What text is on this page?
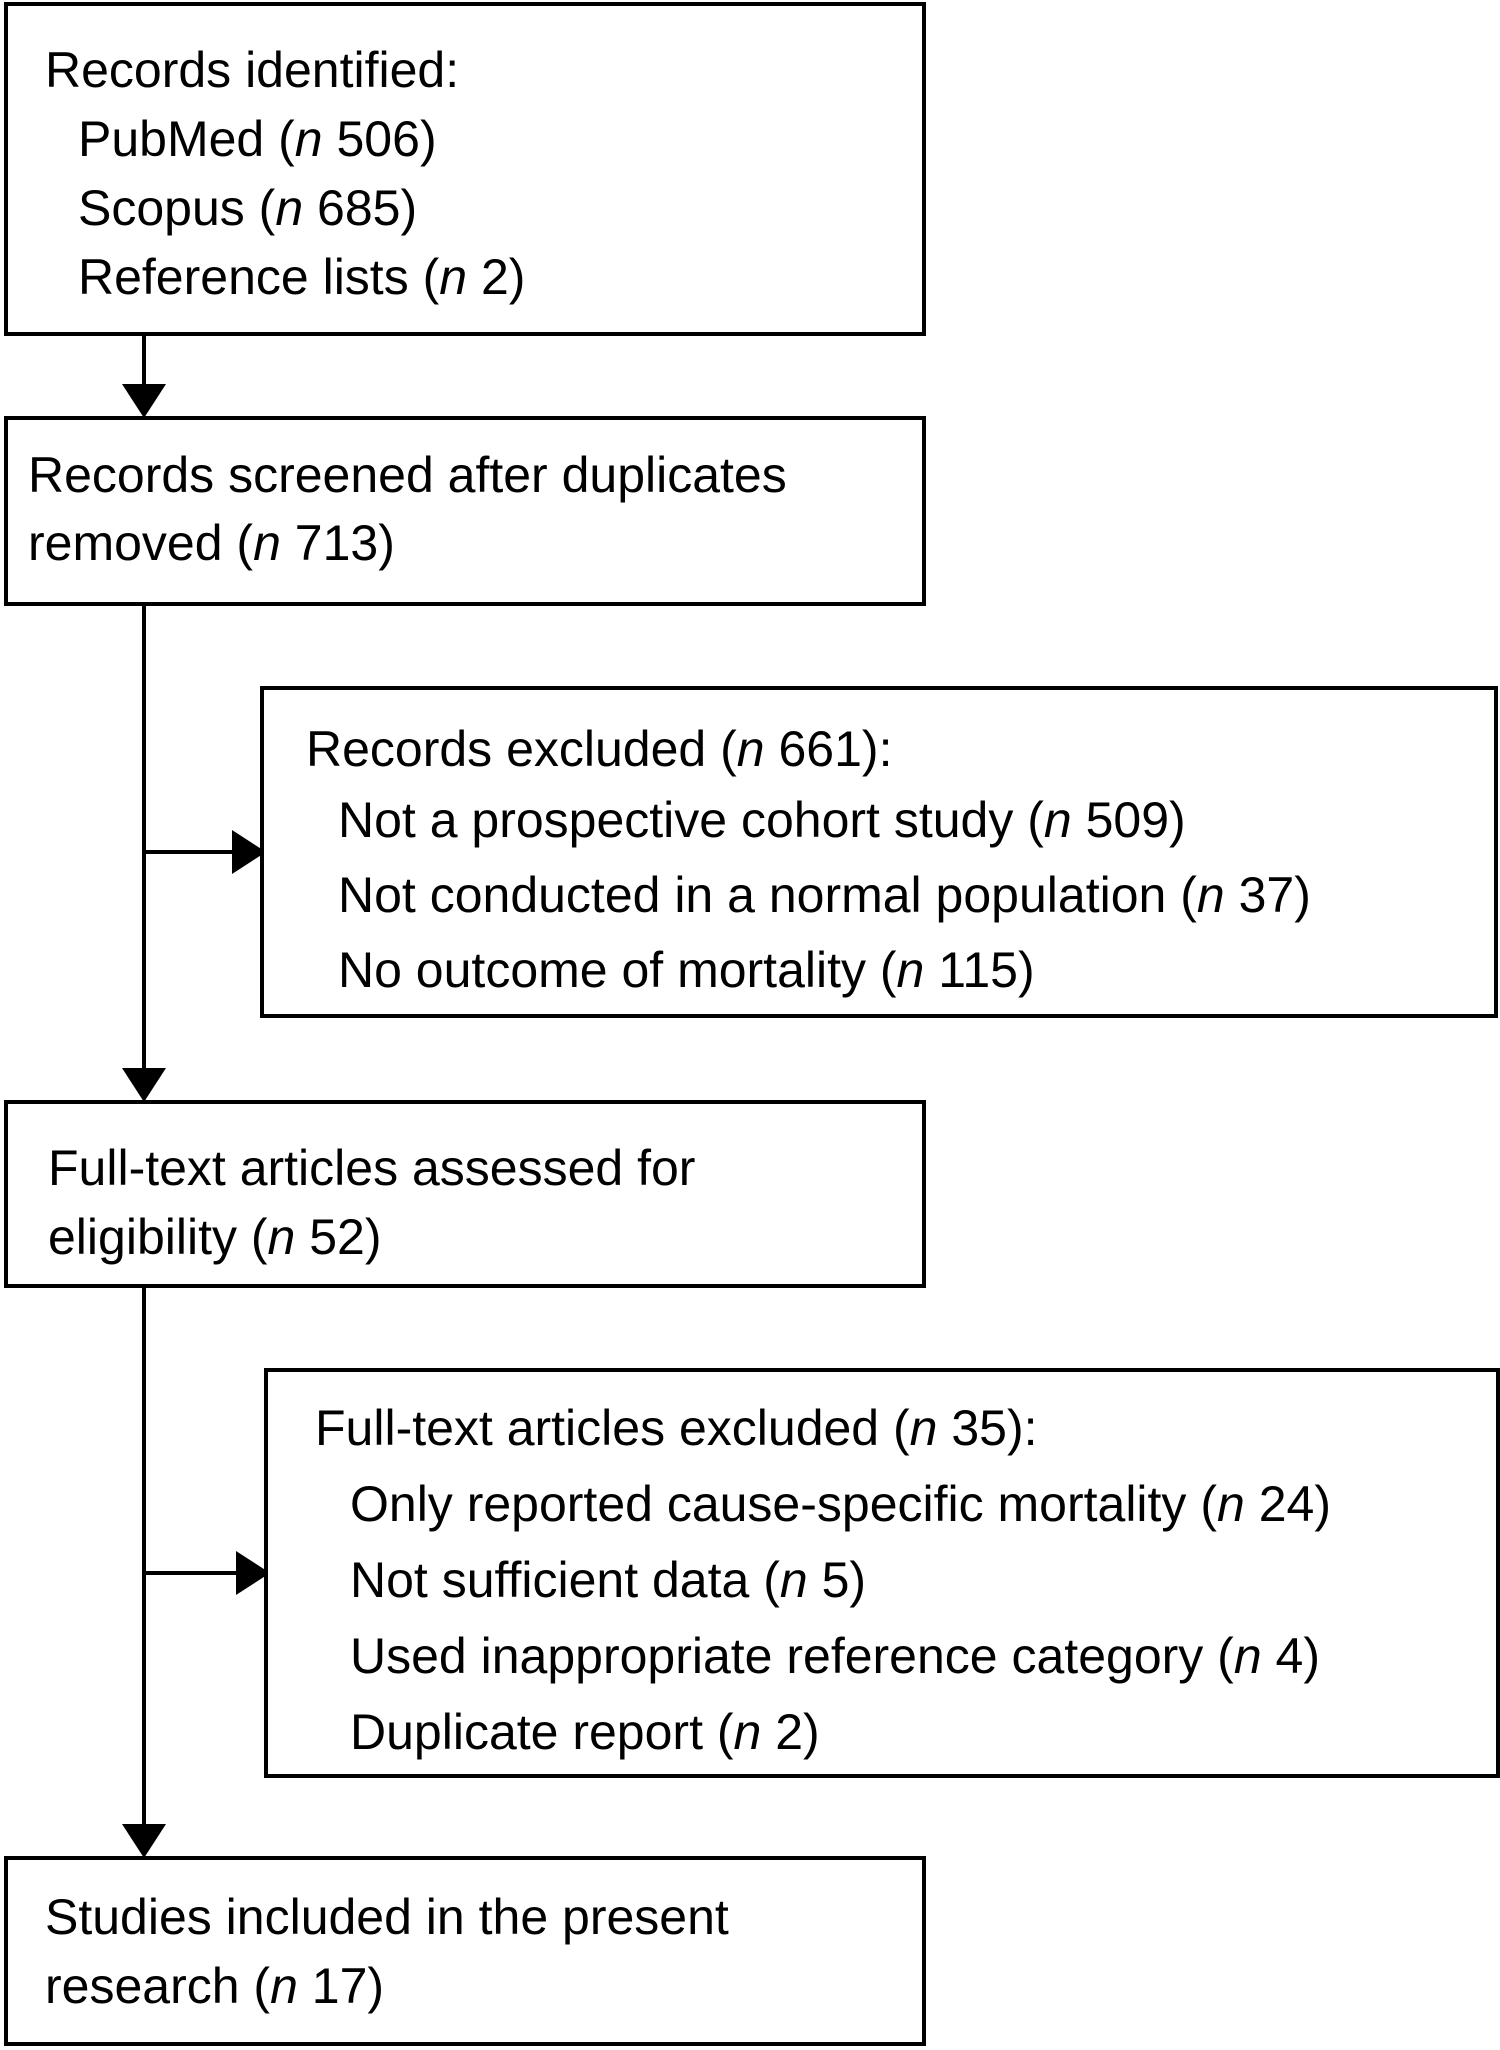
Records identified:
PubMed (n 506)
Scopus (n 685)
Reference lists (n 2)
Records screened after duplicates
removed (n 713)
Records excluded (n 661):
Not a prospective cohort study (n 509)
Not conducted in a normal population (n 37)
No outcome of mortality (n 115)
Full-text articles assessed for
eligibility (n 52)
Full-text articles excluded (n 35):
Only reported cause-specific mortality (n 24)
Not sufficient data (n 5)
Used inappropriate reference category (n 4)
Duplicate report (n 2)
Studies included in the present
research (n 17)
